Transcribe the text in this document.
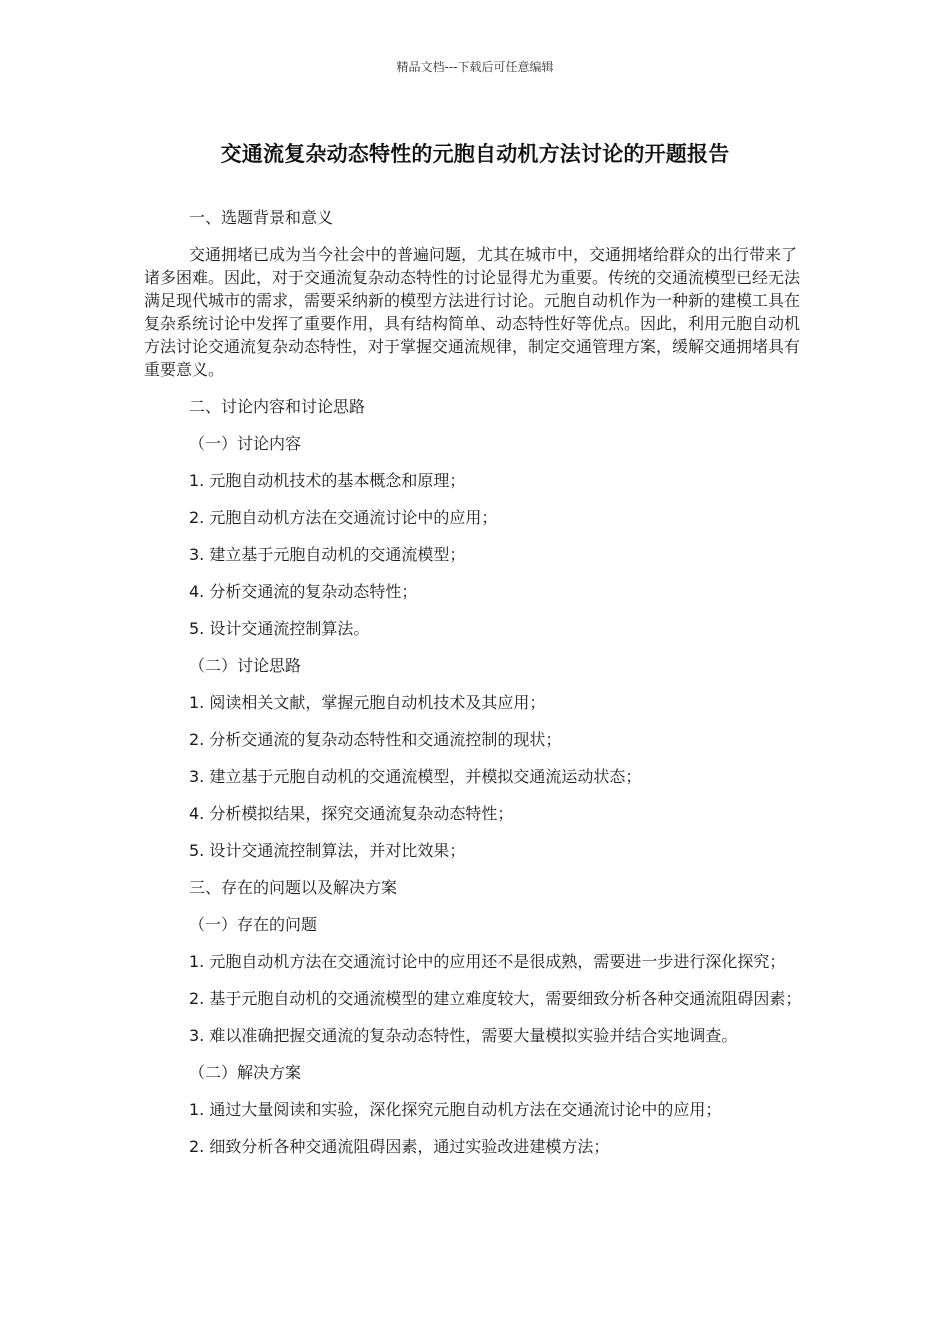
精品文档---下载后可任意编辑
交通流复杂动态特性的元胞自动机方法讨论的开题报告

一、选题背景和意义

交通拥堵已成为当今社会中的普遍问题，尤其在城市中，交通拥堵给群众的出行带来了诸多困难。因此，对于交通流复杂动态特性的讨论显得尤为重要。传统的交通流模型已经无法满足现代城市的需求，需要采纳新的模型方法进行讨论。元胞自动机作为一种新的建模工具在复杂系统讨论中发挥了重要作用，具有结构简单、动态特性好等优点。因此，利用元胞自动机方法讨论交通流复杂动态特性，对于掌握交通流规律，制定交通管理方案，缓解交通拥堵具有重要意义。

二、讨论内容和讨论思路

（一）讨论内容

1. 元胞自动机技术的基本概念和原理；

2. 元胞自动机方法在交通流讨论中的应用；

3. 建立基于元胞自动机的交通流模型；

4. 分析交通流的复杂动态特性；

5. 设计交通流控制算法。

（二）讨论思路

1. 阅读相关文献，掌握元胞自动机技术及其应用；

2. 分析交通流的复杂动态特性和交通流控制的现状；

3. 建立基于元胞自动机的交通流模型，并模拟交通流运动状态；

4. 分析模拟结果，探究交通流复杂动态特性；

5. 设计交通流控制算法，并对比效果；

三、存在的问题以及解决方案

（一）存在的问题

1. 元胞自动机方法在交通流讨论中的应用还不是很成熟，需要进一步进行深化探究；

2. 基于元胞自动机的交通流模型的建立难度较大，需要细致分析各种交通流阻碍因素；

3. 难以准确把握交通流的复杂动态特性，需要大量模拟实验并结合实地调查。

（二）解决方案

1. 通过大量阅读和实验，深化探究元胞自动机方法在交通流讨论中的应用；

2. 细致分析各种交通流阻碍因素，通过实验改进建模方法；
